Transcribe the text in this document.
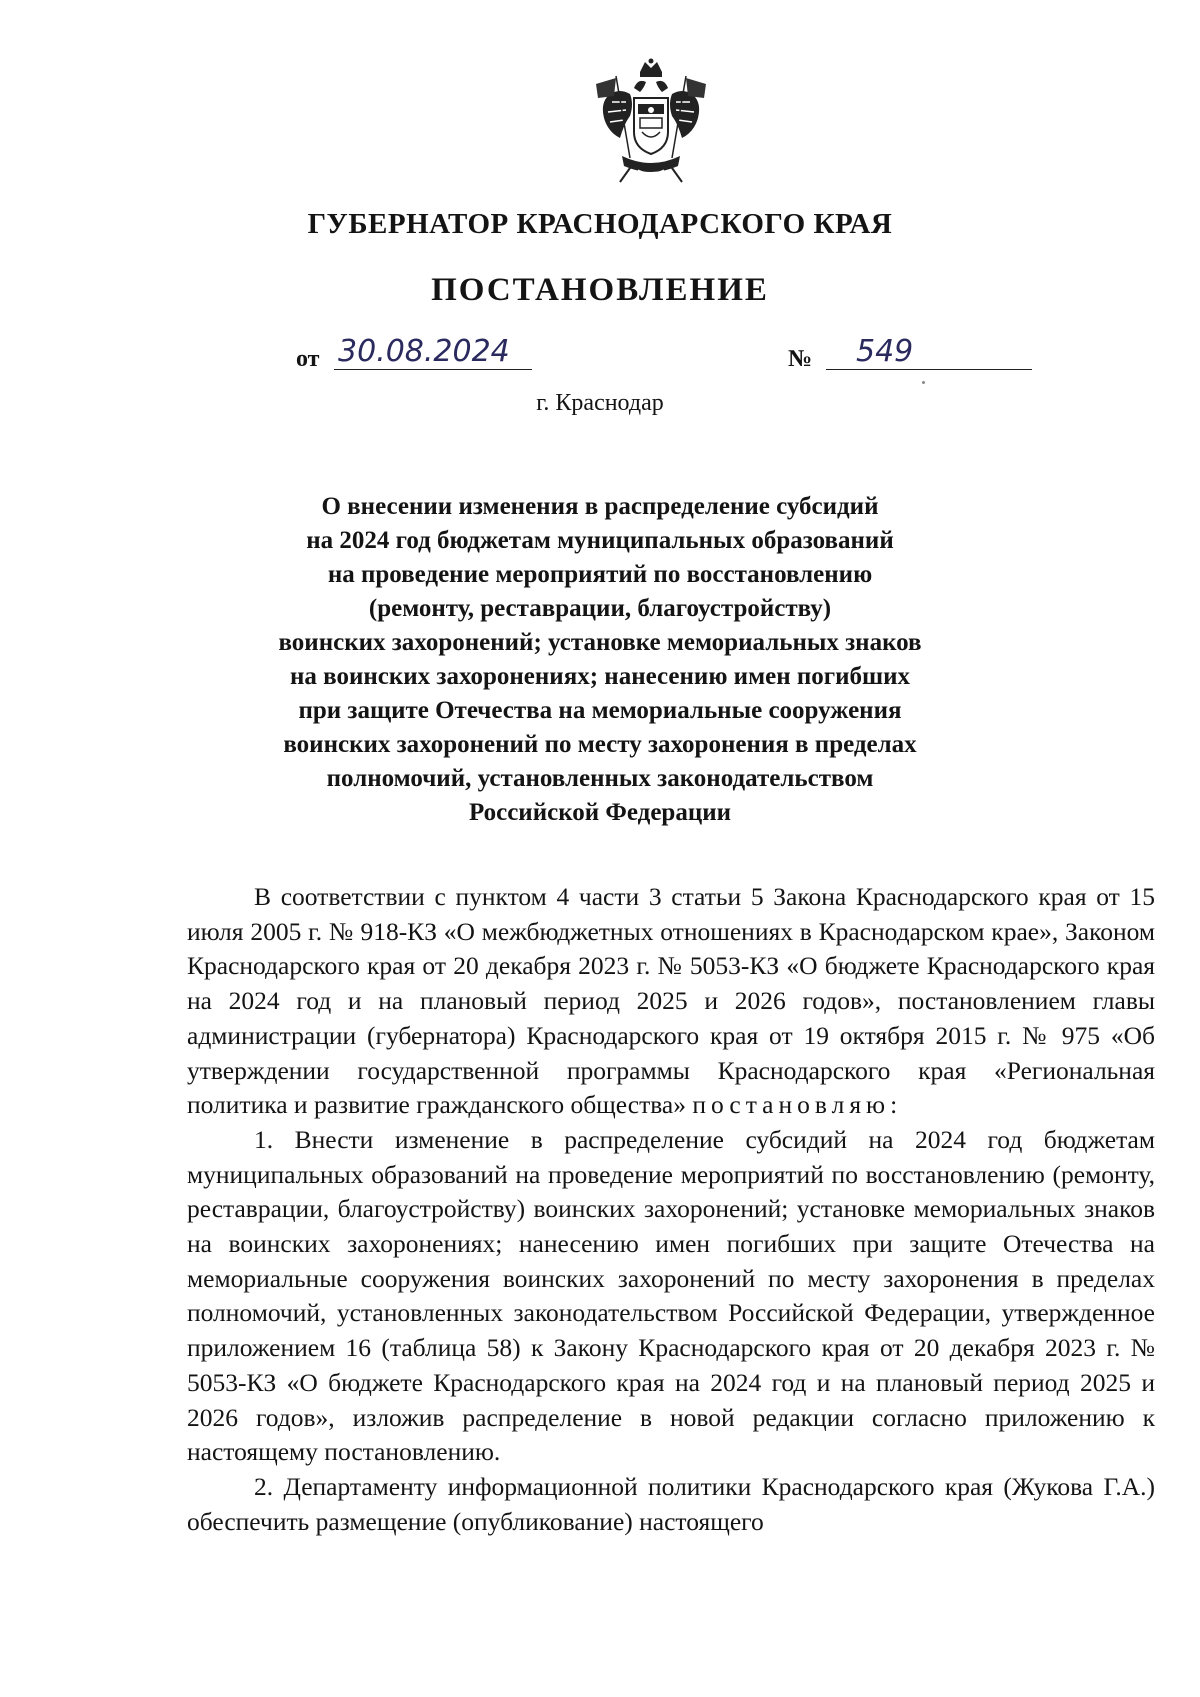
ГУБЕРНАТОР КРАСНОДАРСКОГО КРАЯ
ПОСТАНОВЛЕНИЕ
от 30.08.2024	№	549
г. Краснодар
О внесении изменения в распределение субсидий
на 2024 год бюджетам муниципальных образований
на проведение мероприятий по восстановлению
(ремонту, реставрации, благоустройству)
воинских захоронений; установке мемориальных знаков
на воинских захоронениях; нанесению имен погибших
при защите Отечества на мемориальные сооружения
воинских захоронений по месту захоронения в пределах
полномочий, установленных законодательством
Российской Федерации

В соответствии с пунктом 4 части 3 статьи 5 Закона Краснодарского края от 15 июля 2005 г. № 918-КЗ «О межбюджетных отношениях в Краснодарском крае», Законом Краснодарского края от 20 декабря 2023 г. № 5053-КЗ «О бюджете Краснодарского края на 2024 год и на плановый период 2025 и 2026 годов», постановлением главы администрации (губернатора) Краснодарского края от 19 октября 2015 г. № 975 «Об утверждении государственной программы Краснодарского края «Региональная политика и развитие гражданского общества» постановляю:

1. Внести изменение в распределение субсидий на 2024 год бюджетам муниципальных образований на проведение мероприятий по восстановлению (ремонту, реставрации, благоустройству) воинских захоронений; установке мемориальных знаков на воинских захоронениях; нанесению имен погибших при защите Отечества на мемориальные сооружения воинских захоронений по месту захоронения в пределах полномочий, установленных законодательством Российской Федерации, утвержденное приложением 16 (таблица 58) к Закону Краснодарского края от 20 декабря 2023 г. № 5053-КЗ «О бюджете Краснодарского края на 2024 год и на плановый период 2025 и 2026 годов», изложив распределение в новой редакции согласно приложению к настоящему постановлению.

2. Департаменту информационной политики Краснодарского края (Жукова Г.А.) обеспечить размещение (опубликование) настоящего
